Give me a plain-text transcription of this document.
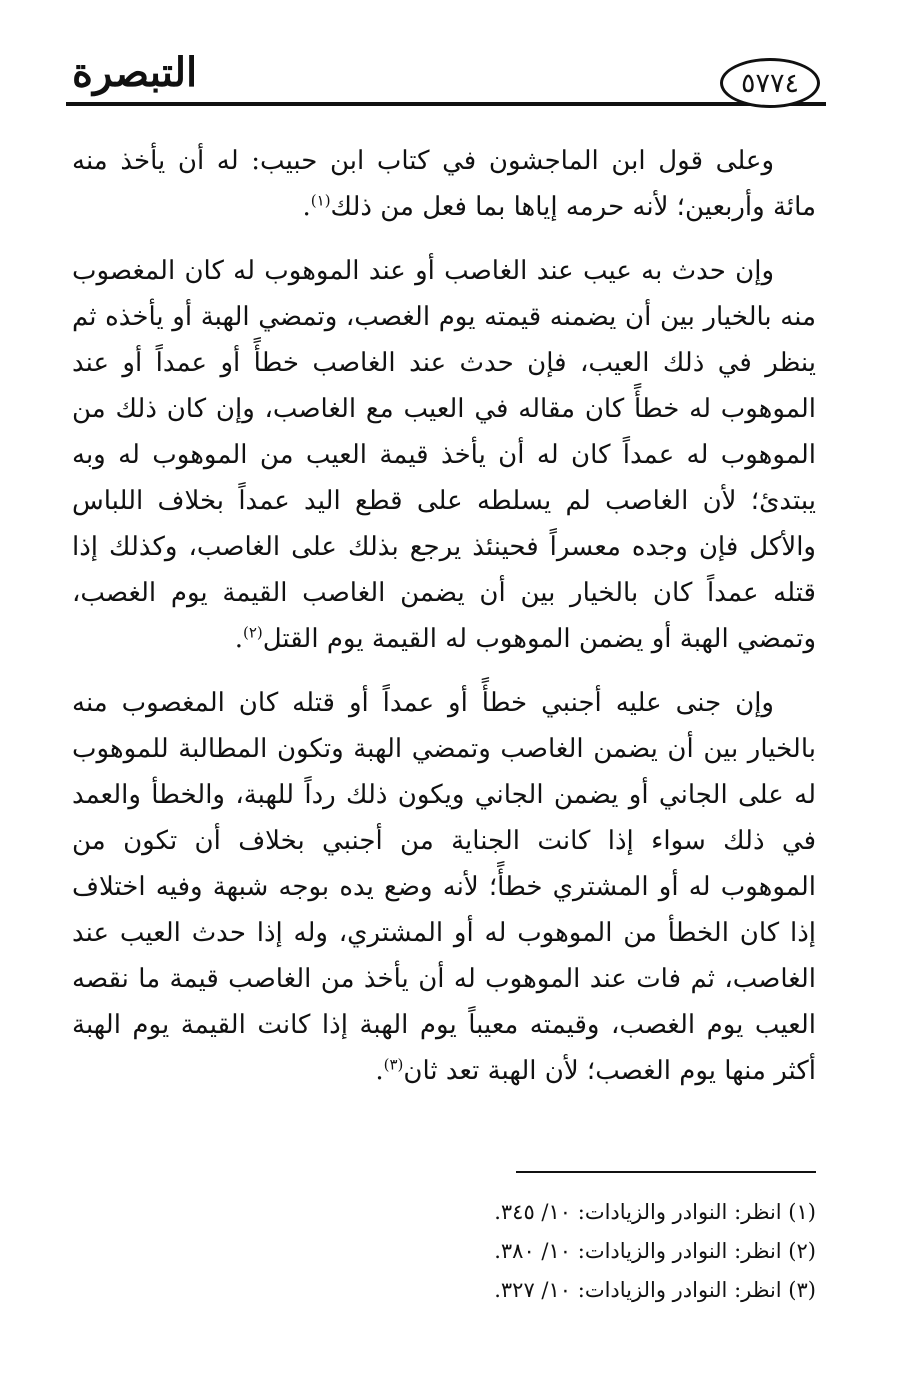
التبصرة	٥٧٧٤

وعلى قول ابن الماجشون في كتاب ابن حبيب: له أن يأخذ منه مائة وأربعين؛ لأنه حرمه إياها بما فعل من ذلك$^{(١)}$.

وإن حدث به عيب عند الغاصب أو عند الموهوب له كان المغصوب منه بالخيار بين أن يضمنه قيمته يوم الغصب، وتمضي الهبة أو يأخذه ثم ينظر في ذلك العيب، فإن حدث عند الغاصب خطأً أو عمداً أو عند الموهوب له خطأً كان مقاله في العيب مع الغاصب، وإن كان ذلك من الموهوب له عمداً كان له أن يأخذ قيمة العيب من الموهوب له وبه يبتدئ؛ لأن الغاصب لم يسلطه على قطع اليد عمداً بخلاف اللباس والأكل فإن وجده معسراً فحينئذ يرجع بذلك على الغاصب، وكذلك إذا قتله عمداً كان بالخيار بين أن يضمن الغاصب القيمة يوم الغصب، وتمضي الهبة أو يضمن الموهوب له القيمة يوم القتل$^{(٢)}$.

وإن جنى عليه أجنبي خطأً أو عمداً أو قتله كان المغصوب منه بالخيار بين أن يضمن الغاصب وتمضي الهبة وتكون المطالبة للموهوب له على الجاني أو يضمن الجاني ويكون ذلك رداً للهبة، والخطأ والعمد في ذلك سواء إذا كانت الجناية من أجنبي بخلاف أن تكون من الموهوب له أو المشتري خطأً؛ لأنه وضع يده بوجه شبهة وفيه اختلاف إذا كان الخطأ من الموهوب له أو المشتري، وله إذا حدث العيب عند الغاصب، ثم فات عند الموهوب له أن يأخذ من الغاصب قيمة ما نقصه العيب يوم الغصب، وقيمته معيباً يوم الهبة إذا كانت القيمة يوم الهبة أكثر منها يوم الغصب؛ لأن الهبة تعد ثان$^{(٣)}$.

(١) انظر: النوادر والزيادات: ١٠/ ٣٤٥.

(٢) انظر: النوادر والزيادات: ١٠/ ٣٨٠.

(٣) انظر: النوادر والزيادات: ١٠/ ٣٢٧.
